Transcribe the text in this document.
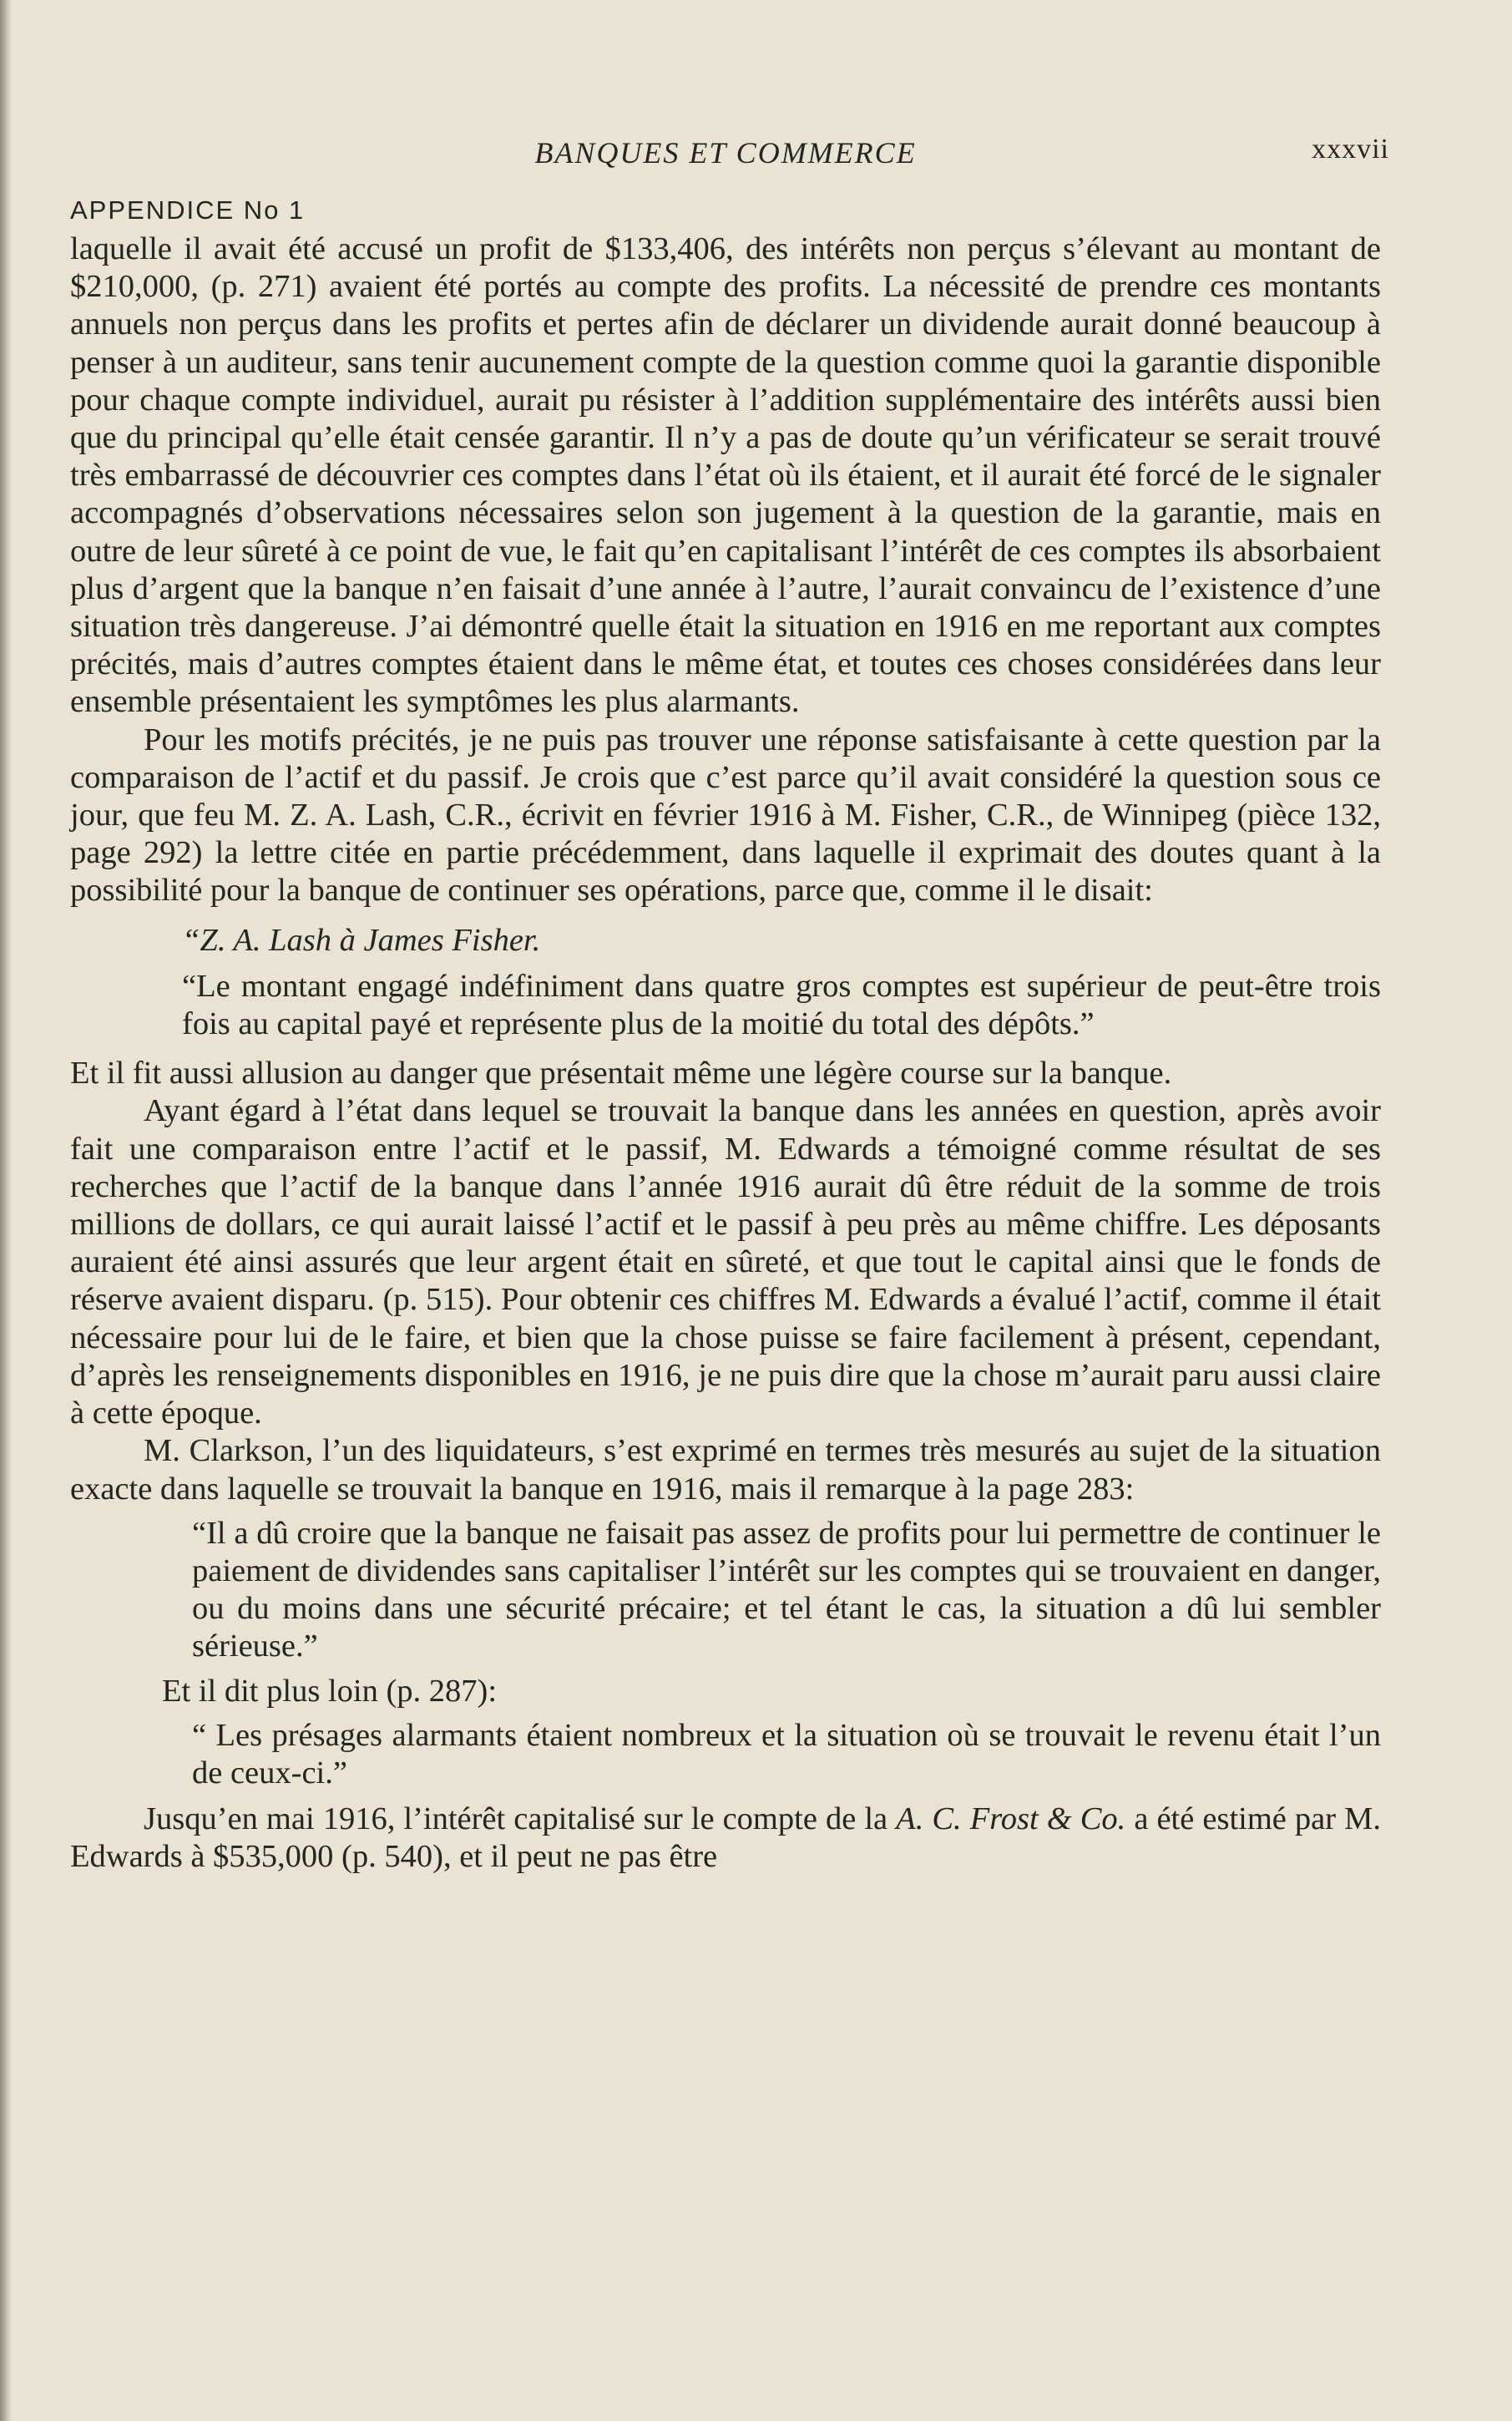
BANQUES ET COMMERCE	xxxvii
APPENDICE No 1

laquelle il avait été accusé un profit de $133,406, des intérêts non perçus s’élevant au montant de $210,000, (p. 271) avaient été portés au compte des profits. La nécessité de prendre ces montants annuels non perçus dans les profits et pertes afin de déclarer un dividende aurait donné beaucoup à penser à un auditeur, sans tenir aucunement compte de la question comme quoi la garantie disponible pour chaque compte individuel, aurait pu résister à l’addition supplémentaire des intérêts aussi bien que du principal qu’elle était censée garantir. Il n’y a pas de doute qu’un vérificateur se serait trouvé très embarrassé de découvrier ces comptes dans l’état où ils étaient, et il aurait été forcé de le signaler accompagnés d’observations nécessaires selon son jugement à la question de la garantie, mais en outre de leur sûreté à ce point de vue, le fait qu’en capitalisant l’intérêt de ces comptes ils absorbaient plus d’argent que la banque n’en faisait d’une année à l’autre, l’aurait convaincu de l’existence d’une situation très dangereuse. J’ai démontré quelle était la situation en 1916 en me reportant aux comptes précités, mais d’autres comptes étaient dans le même état, et toutes ces choses considérées dans leur ensemble présentaient les symptômes les plus alarmants.

Pour les motifs précités, je ne puis pas trouver une réponse satisfaisante à cette question par la comparaison de l’actif et du passif. Je crois que c’est parce qu’il avait considéré la question sous ce jour, que feu M. Z. A. Lash, C.R., écrivit en février 1916 à M. Fisher, C.R., de Winnipeg (pièce 132, page 292) la lettre citée en partie précédemment, dans laquelle il exprimait des doutes quant à la possibilité pour la banque de continuer ses opérations, parce que, comme il le disait:

“Z. A. Lash à James Fisher.

“Le montant engagé indéfiniment dans quatre gros comptes est supérieur de peut-être trois fois au capital payé et représente plus de la moitié du total des dépôts.”

Et il fit aussi allusion au danger que présentait même une légère course sur la banque.

Ayant égard à l’état dans lequel se trouvait la banque dans les années en question, après avoir fait une comparaison entre l’actif et le passif, M. Edwards a témoigné comme résultat de ses recherches que l’actif de la banque dans l’année 1916 aurait dû être réduit de la somme de trois millions de dollars, ce qui aurait laissé l’actif et le passif à peu près au même chiffre. Les déposants auraient été ainsi assurés que leur argent était en sûreté, et que tout le capital ainsi que le fonds de réserve avaient disparu. (p. 515). Pour obtenir ces chiffres M. Edwards a évalué l’actif, comme il était nécessaire pour lui de le faire, et bien que la chose puisse se faire facilement à présent, cependant, d’après les renseignements disponibles en 1916, je ne puis dire que la chose m’aurait paru aussi claire à cette époque.

M. Clarkson, l’un des liquidateurs, s’est exprimé en termes très mesurés au sujet de la situation exacte dans laquelle se trouvait la banque en 1916, mais il remarque à la page 283:

“Il a dû croire que la banque ne faisait pas assez de profits pour lui permettre de continuer le paiement de dividendes sans capitaliser l’intérêt sur les comptes qui se trouvaient en danger, ou du moins dans une sécurité précaire; et tel étant le cas, la situation a dû lui sembler sérieuse.”

Et il dit plus loin (p. 287):

“ Les présages alarmants étaient nombreux et la situation où se trouvait le revenu était l’un de ceux-ci.”

Jusqu’en mai 1916, l’intérêt capitalisé sur le compte de la A. C. Frost & Co. a été estimé par M. Edwards à $535,000 (p. 540), et il peut ne pas être
